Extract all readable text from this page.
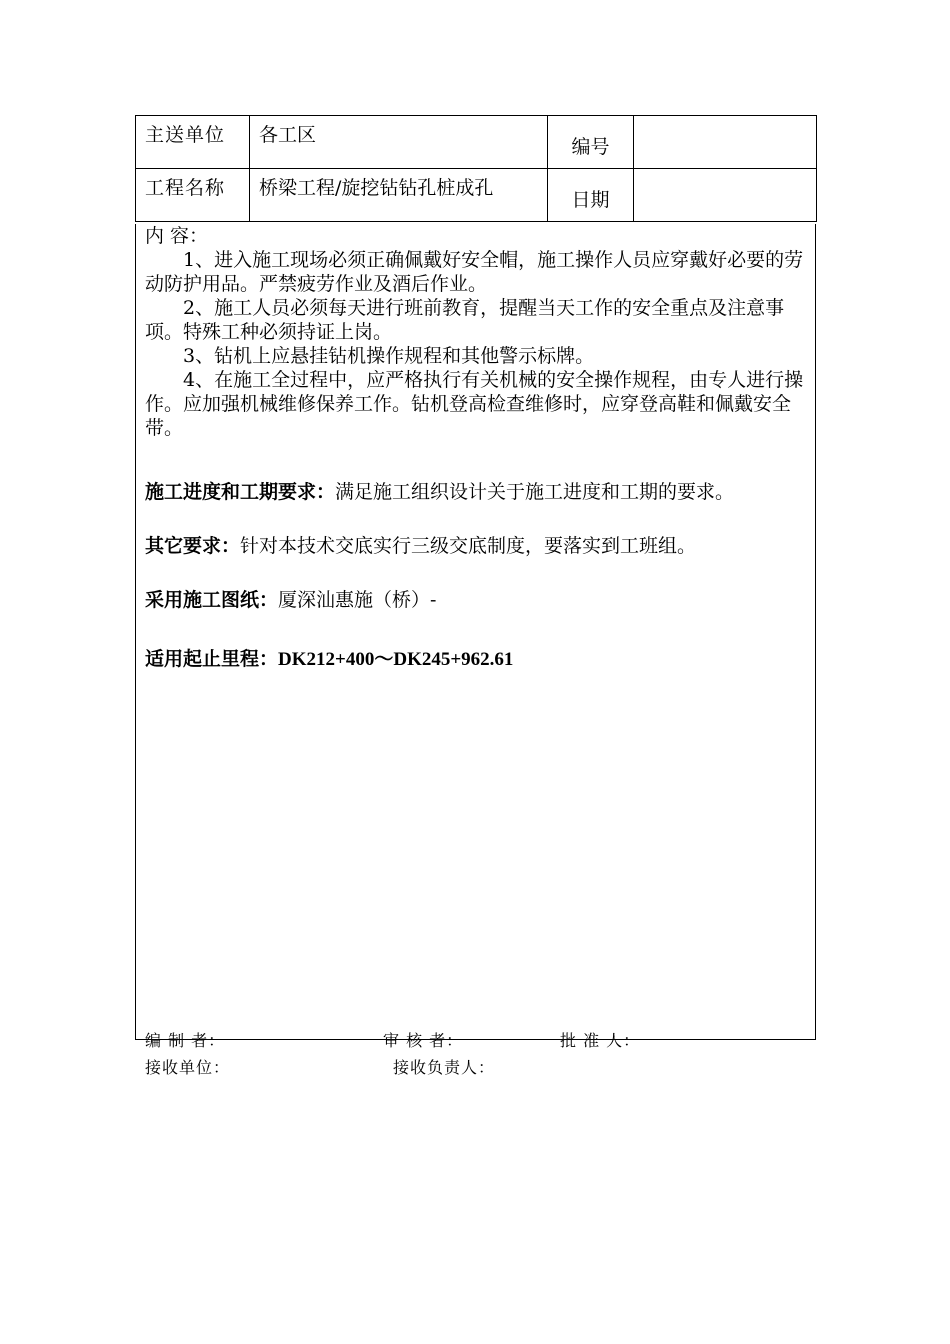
主送单位	各工区	编号	
工程名称	桥梁工程/旋挖钻钻孔桩成孔	日期	

内 容：

1、进入施工现场必须正确佩戴好安全帽，施工操作人员应穿戴好必要的劳动防护用品。严禁疲劳作业及酒后作业。

2、施工人员必须每天进行班前教育，提醒当天工作的安全重点及注意事项。特殊工种必须持证上岗。

3、钻机上应悬挂钻机操作规程和其他警示标牌。

4、在施工全过程中，应严格执行有关机械的安全操作规程，由专人进行操作。应加强机械维修保养工作。钻机登高检查维修时，应穿登高鞋和佩戴安全带。

施工进度和工期要求：满足施工组织设计关于施工进度和工期的要求。

其它要求：针对本技术交底实行三级交底制度，要落实到工班组。

采用施工图纸：厦深汕惠施（桥）-

适用起止里程：DK212+400～DK245+962.61

编 制 者：	审 核 者：	批 准 人：
接收单位：	接收负责人：
